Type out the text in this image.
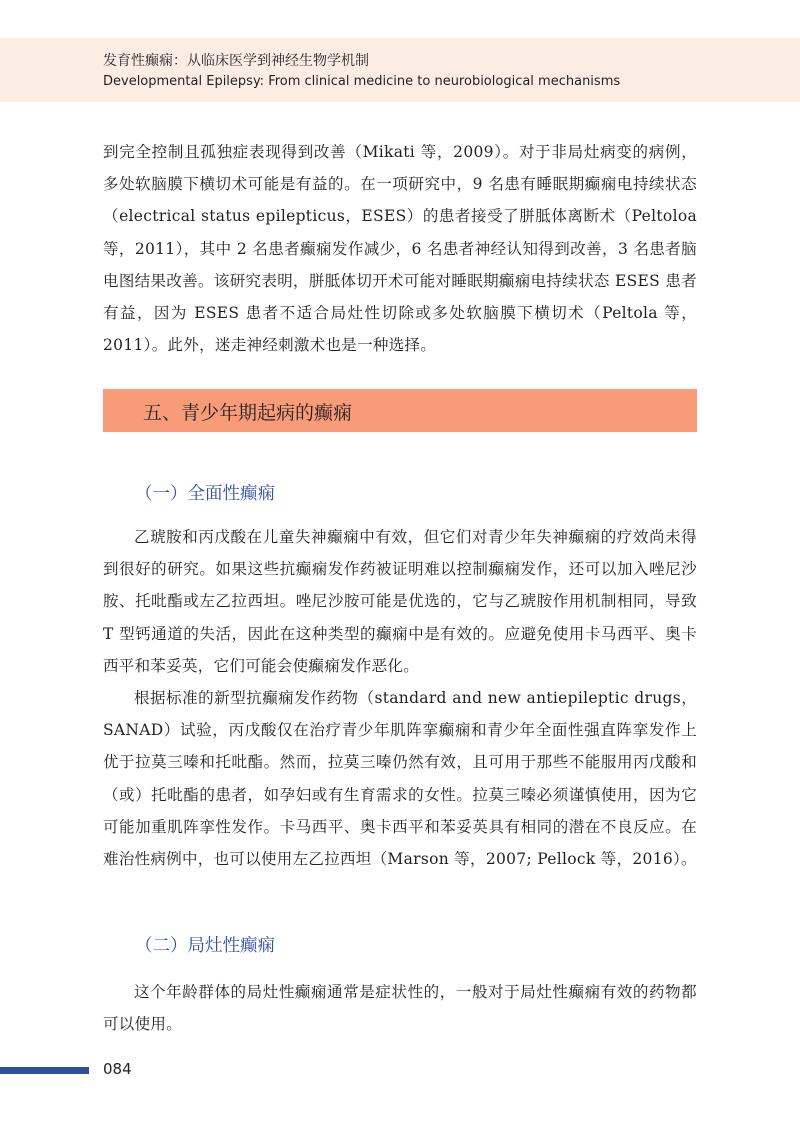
发育性癫痫：从临床医学到神经生物学机制
Developmental Epilepsy: From clinical medicine to neurobiological mechanisms

到完全控制且孤独症表现得到改善（Mikati 等，2009）。对于非局灶病变的病例，多处软脑膜下横切术可能是有益的。在一项研究中，9 名患有睡眠期癫痫电持续状态（electrical status epilepticus，ESES）的患者接受了胼胝体离断术（Peltoloa 等，2011），其中 2 名患者癫痫发作减少，6 名患者神经认知得到改善，3 名患者脑电图结果改善。该研究表明，胼胝体切开术可能对睡眠期癫痫电持续状态 ESES 患者有益，因为 ESES 患者不适合局灶性切除或多处软脑膜下横切术（Peltola 等，2011）。此外，迷走神经刺激术也是一种选择。

五、青少年期起病的癫痫
（一）全面性癫痫

乙琥胺和丙戊酸在儿童失神癫痫中有效，但它们对青少年失神癫痫的疗效尚未得到很好的研究。如果这些抗癫痫发作药被证明难以控制癫痫发作，还可以加入唑尼沙胺、托吡酯或左乙拉西坦。唑尼沙胺可能是优选的，它与乙琥胺作用机制相同，导致 T 型钙通道的失活，因此在这种类型的癫痫中是有效的。应避免使用卡马西平、奥卡西平和苯妥英，它们可能会使癫痫发作恶化。

根据标准的新型抗癫痫发作药物（standard and new antiepileptic drugs，SANAD）试验，丙戊酸仅在治疗青少年肌阵挛癫痫和青少年全面性强直阵挛发作上优于拉莫三嗪和托吡酯。然而，拉莫三嗪仍然有效，且可用于那些不能服用丙戊酸和（或）托吡酯的患者，如孕妇或有生育需求的女性。拉莫三嗪必须谨慎使用，因为它可能加重肌阵挛性发作。卡马西平、奥卡西平和苯妥英具有相同的潜在不良反应。在难治性病例中，也可以使用左乙拉西坦（Marson 等，2007; Pellock 等，2016）。

（二）局灶性癫痫

这个年龄群体的局灶性癫痫通常是症状性的，一般对于局灶性癫痫有效的药物都可以使用。

084
